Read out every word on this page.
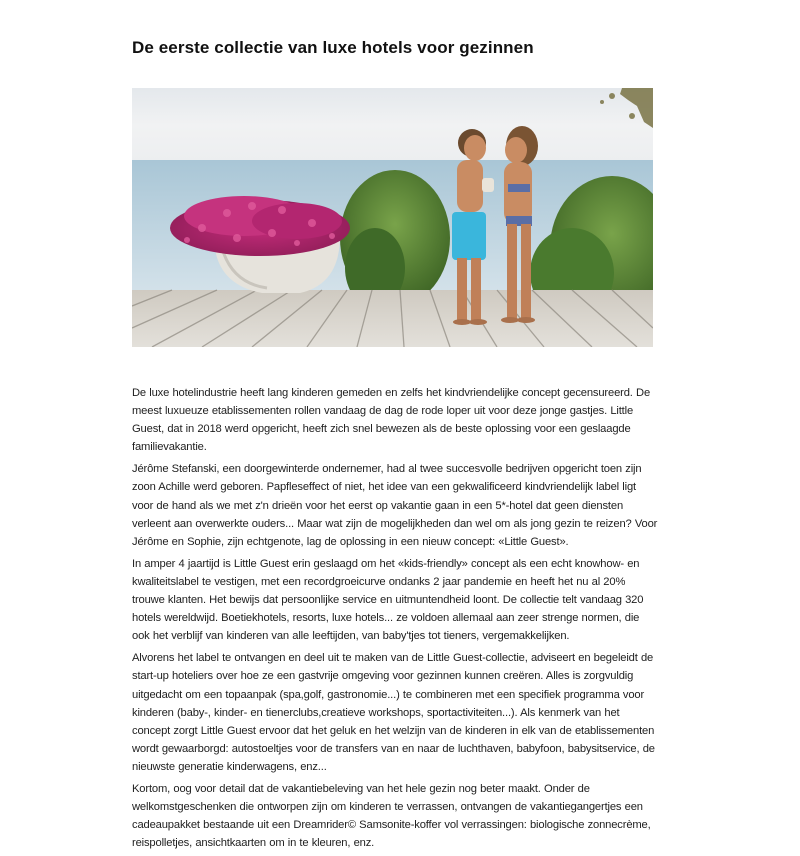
De eerste collectie van luxe hotels voor gezinnen

De luxe hotelindustrie heeft lang kinderen gemeden en zelfs het kindvriendelijke concept gecensureerd. De meest luxueuze etablissementen rollen vandaag de dag de rode loper uit voor deze jonge gastjes. Little Guest, dat in 2018 werd opgericht, heeft zich snel bewezen als de beste oplossing voor een geslaagde familievakantie.

Jérôme Stefanski, een doorgewinterde ondernemer, had al twee succesvolle bedrijven opgericht toen zijn zoon Achille werd geboren. Papfleseffect of niet, het idee van een gekwalificeerd kindvriendelijk label ligt voor de hand als we met z'n drieën voor het eerst op vakantie gaan in een 5*-hotel dat geen diensten verleent aan overwerkte ouders... Maar wat zijn de mogelijkheden dan wel om als jong gezin te reizen? Voor Jérôme en Sophie, zijn echtgenote, lag de oplossing in een nieuw concept: «Little Guest».

In amper 4 jaartijd is Little Guest erin geslaagd om het «kids-friendly» concept als een echt knowhow- en kwaliteitslabel te vestigen, met een recordgroeicurve ondanks 2 jaar pandemie en heeft het nu al 20% trouwe klanten. Het bewijs dat persoonlijke service en uitmuntendheid loont. De collectie telt vandaag 320 hotels wereldwijd. Boetiekhotels, resorts, luxe hotels... ze voldoen allemaal aan zeer strenge normen, die ook het verblijf van kinderen van alle leeftijden, van baby'tjes tot tieners, vergemakkelijken.

Alvorens het label te ontvangen en deel uit te maken van de Little Guest-collectie, adviseert en begeleidt de start-up hoteliers over hoe ze een gastvrije omgeving voor gezinnen kunnen creëren. Alles is zorgvuldig uitgedacht om een topaanpak (spa,golf, gastronomie...) te combineren met een specifiek programma voor kinderen (baby-, kinder- en tienerclubs,creatieve workshops, sportactiviteiten...). Als kenmerk van het concept zorgt Little Guest ervoor dat het geluk en het welzijn van de kinderen in elk van de etablissementen wordt gewaarborgd: autostoeltjes voor de transfers van en naar de luchthaven, babyfoon, babysitservice, de nieuwste generatie kinderwagens, enz...

Kortom, oog voor detail dat de vakantiebeleving van het hele gezin nog beter maakt. Onder de welkomstgeschenken die ontworpen zijn om kinderen te verrassen, ontvangen de vakantiegangertjes een cadeaupakket bestaande uit een Dreamrider© Samsonite-koffer vol verrassingen: biologische zonnecrème, reispolletjes, ansichtkaarten om in te kleuren, enz.
